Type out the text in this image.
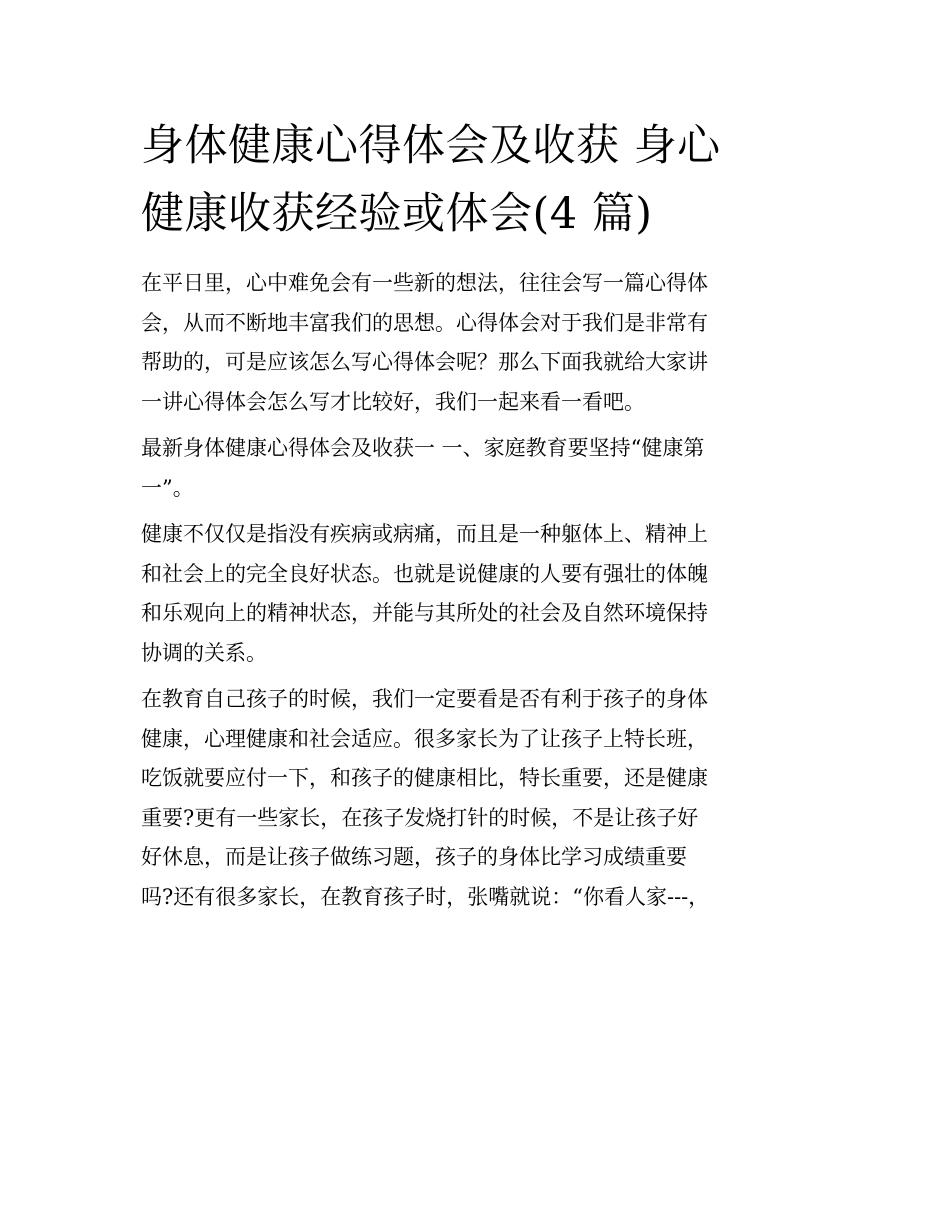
身体健康心得体会及收获 身心
健康收获经验或体会(4 篇)

在平日里，心中难免会有一些新的想法，往往会写一篇心得体
会，从而不断地丰富我们的思想。心得体会对于我们是非常有
帮助的，可是应该怎么写心得体会呢？那么下面我就给大家讲
一讲心得体会怎么写才比较好，我们一起来看一看吧。

最新身体健康心得体会及收获一 一、家庭教育要坚持“健康第
一”。

健康不仅仅是指没有疾病或病痛，而且是一种躯体上、精神上
和社会上的完全良好状态。也就是说健康的人要有强壮的体魄
和乐观向上的精神状态，并能与其所处的社会及自然环境保持
协调的关系。

在教育自己孩子的时候，我们一定要看是否有利于孩子的身体
健康，心理健康和社会适应。很多家长为了让孩子上特长班，
吃饭就要应付一下，和孩子的健康相比，特长重要，还是健康
重要?更有一些家长，在孩子发烧打针的时候，不是让孩子好
好休息，而是让孩子做练习题，孩子的身体比学习成绩重要
吗?还有很多家长，在教育孩子时，张嘴就说：“你看人家---，
